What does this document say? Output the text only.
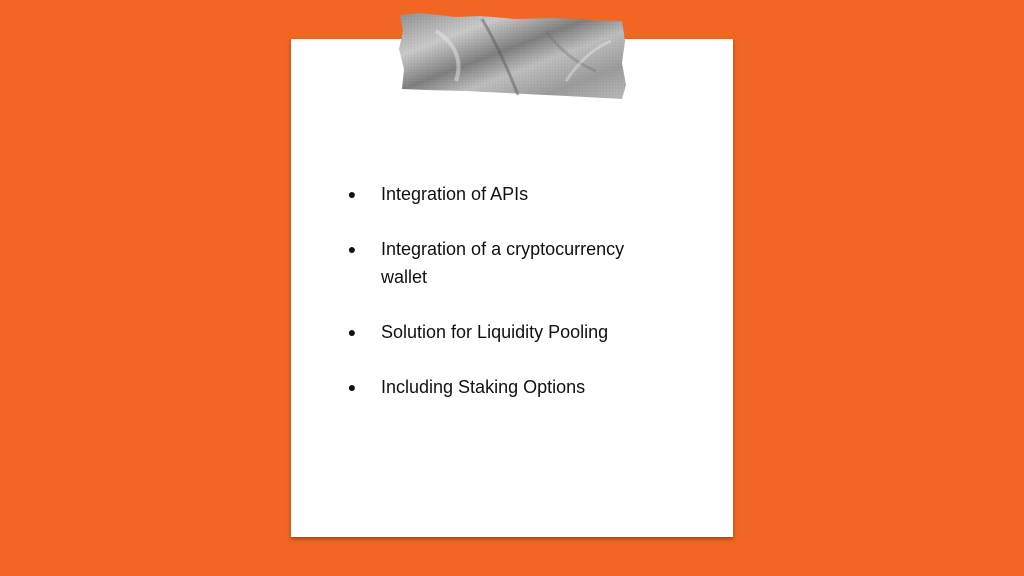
● Integration of APIs
● Integration of a cryptocurrency wallet
● Solution for Liquidity Pooling
● Including Staking Options
